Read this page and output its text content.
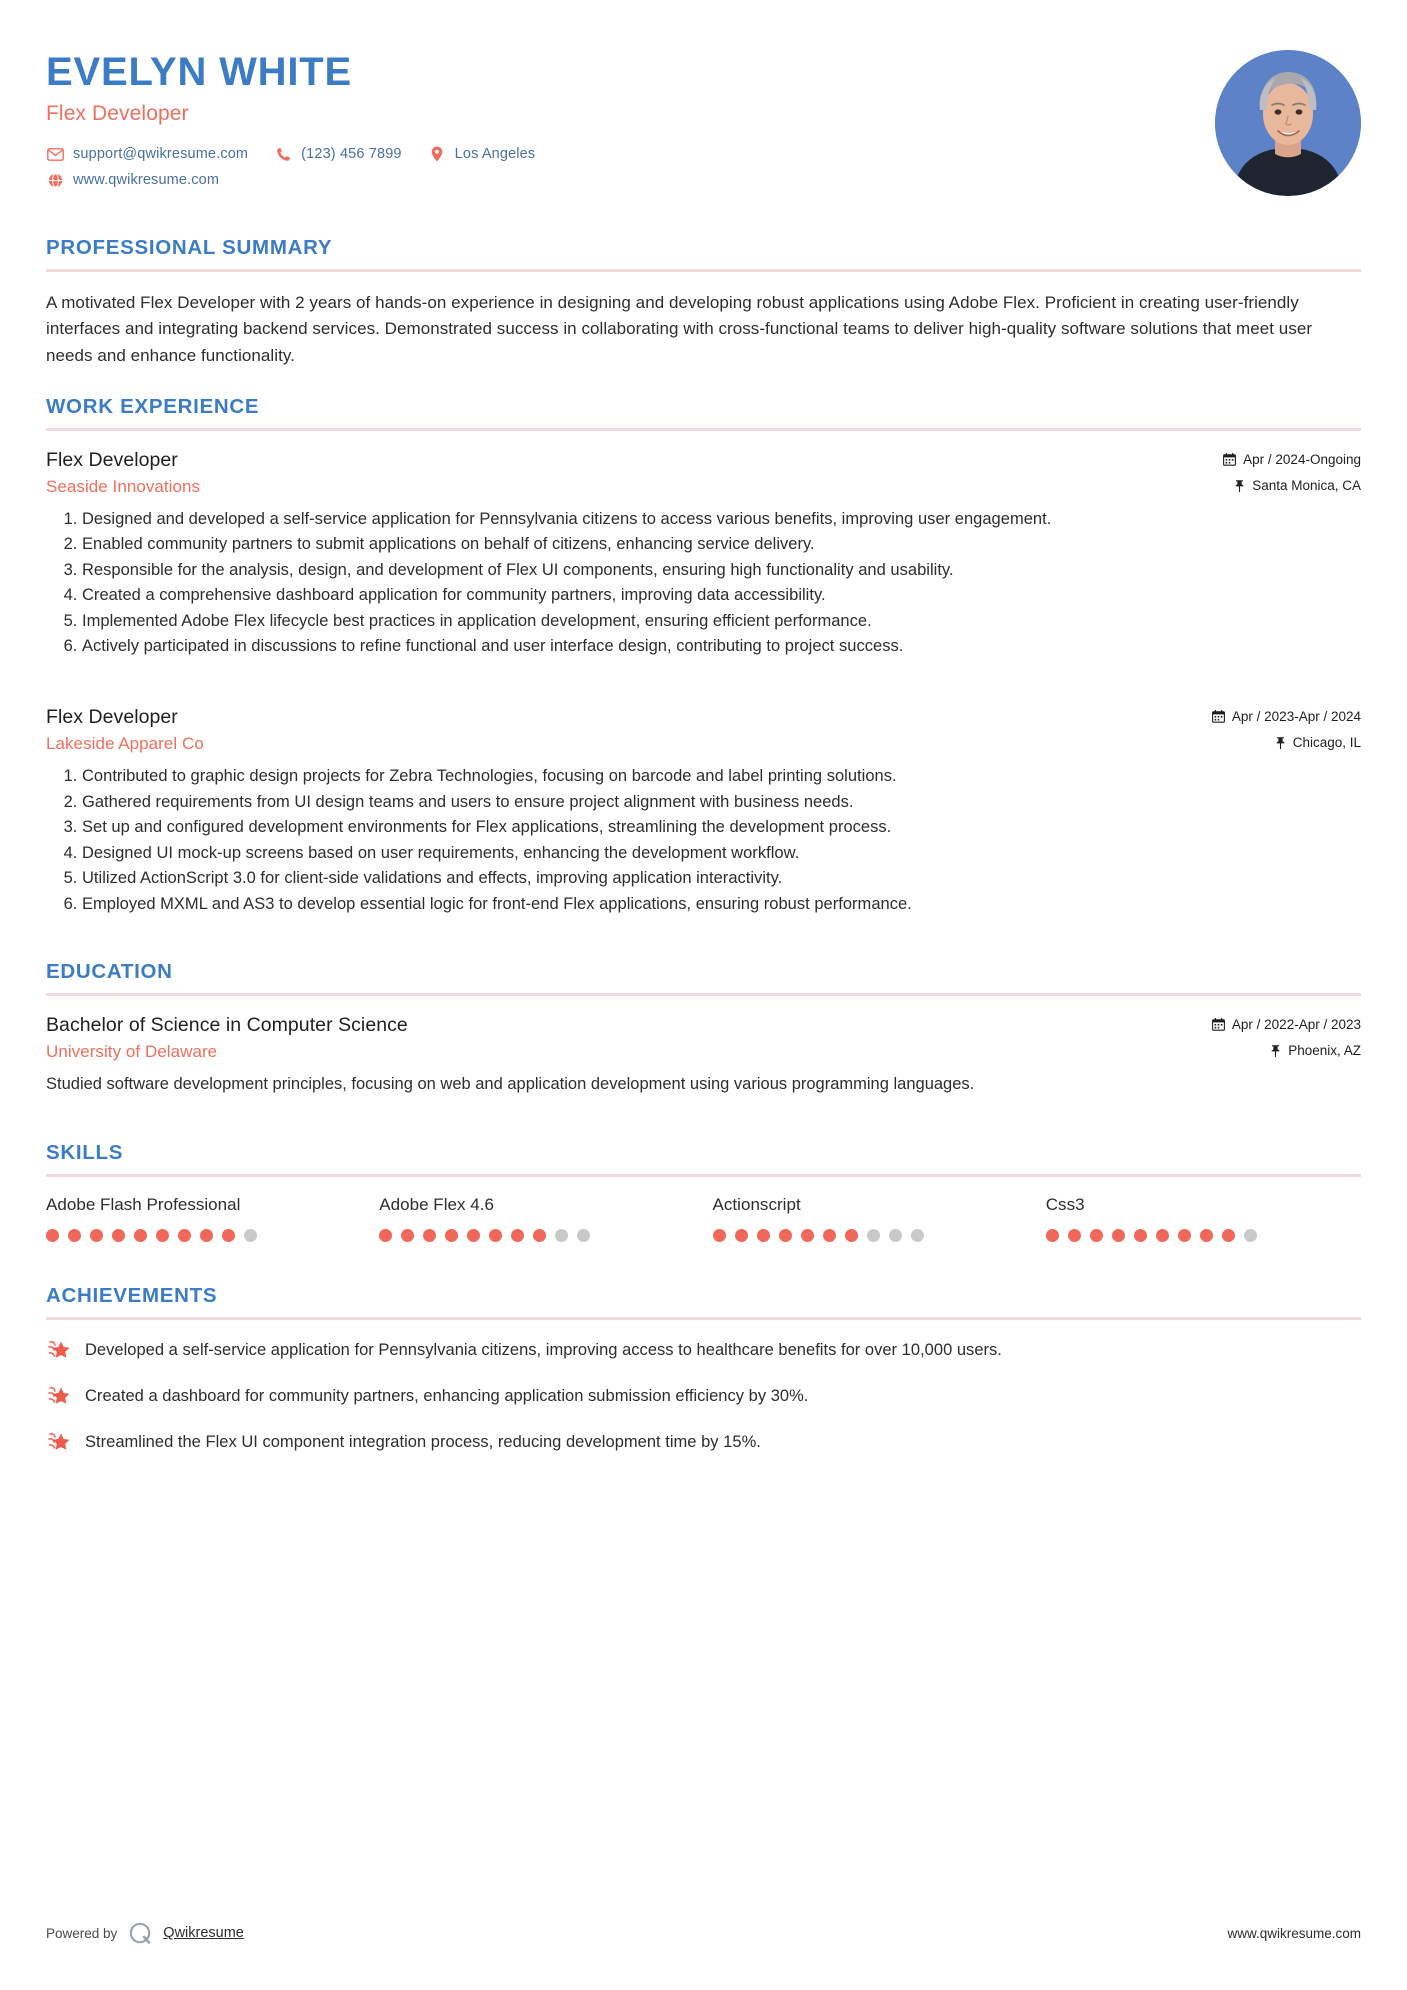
EVELYN WHITE
Flex Developer
support@qwikresume.com	(123) 456 7899	Los Angeles
www.qwikresume.com
PROFESSIONAL SUMMARY
A motivated Flex Developer with 2 years of hands-on experience in designing and developing robust applications using Adobe Flex. Proficient in creating user-friendly interfaces and integrating backend services. Demonstrated success in collaborating with cross-functional teams to deliver high-quality software solutions that meet user needs and enhance functionality.
WORK EXPERIENCE
Flex Developer	Apr / 2024-Ongoing
Seaside Innovations	Santa Monica, CA
1. Designed and developed a self-service application for Pennsylvania citizens to access various benefits, improving user engagement.
2. Enabled community partners to submit applications on behalf of citizens, enhancing service delivery.
3. Responsible for the analysis, design, and development of Flex UI components, ensuring high functionality and usability.
4. Created a comprehensive dashboard application for community partners, improving data accessibility.
5. Implemented Adobe Flex lifecycle best practices in application development, ensuring efficient performance.
6. Actively participated in discussions to refine functional and user interface design, contributing to project success.
Flex Developer	Apr / 2023-Apr / 2024
Lakeside Apparel Co	Chicago, IL
1. Contributed to graphic design projects for Zebra Technologies, focusing on barcode and label printing solutions.
2. Gathered requirements from UI design teams and users to ensure project alignment with business needs.
3. Set up and configured development environments for Flex applications, streamlining the development process.
4. Designed UI mock-up screens based on user requirements, enhancing the development workflow.
5. Utilized ActionScript 3.0 for client-side validations and effects, improving application interactivity.
6. Employed MXML and AS3 to develop essential logic for front-end Flex applications, ensuring robust performance.
EDUCATION
Bachelor of Science in Computer Science	Apr / 2022-Apr / 2023
University of Delaware	Phoenix, AZ
Studied software development principles, focusing on web and application development using various programming languages.
SKILLS
Adobe Flash Professional	Adobe Flex 4.6	Actionscript	Css3
ACHIEVEMENTS
Developed a self-service application for Pennsylvania citizens, improving access to healthcare benefits for over 10,000 users.
Created a dashboard for community partners, enhancing application submission efficiency by 30%.
Streamlined the Flex UI component integration process, reducing development time by 15%.
Powered by	Qwikresume	www.qwikresume.com
